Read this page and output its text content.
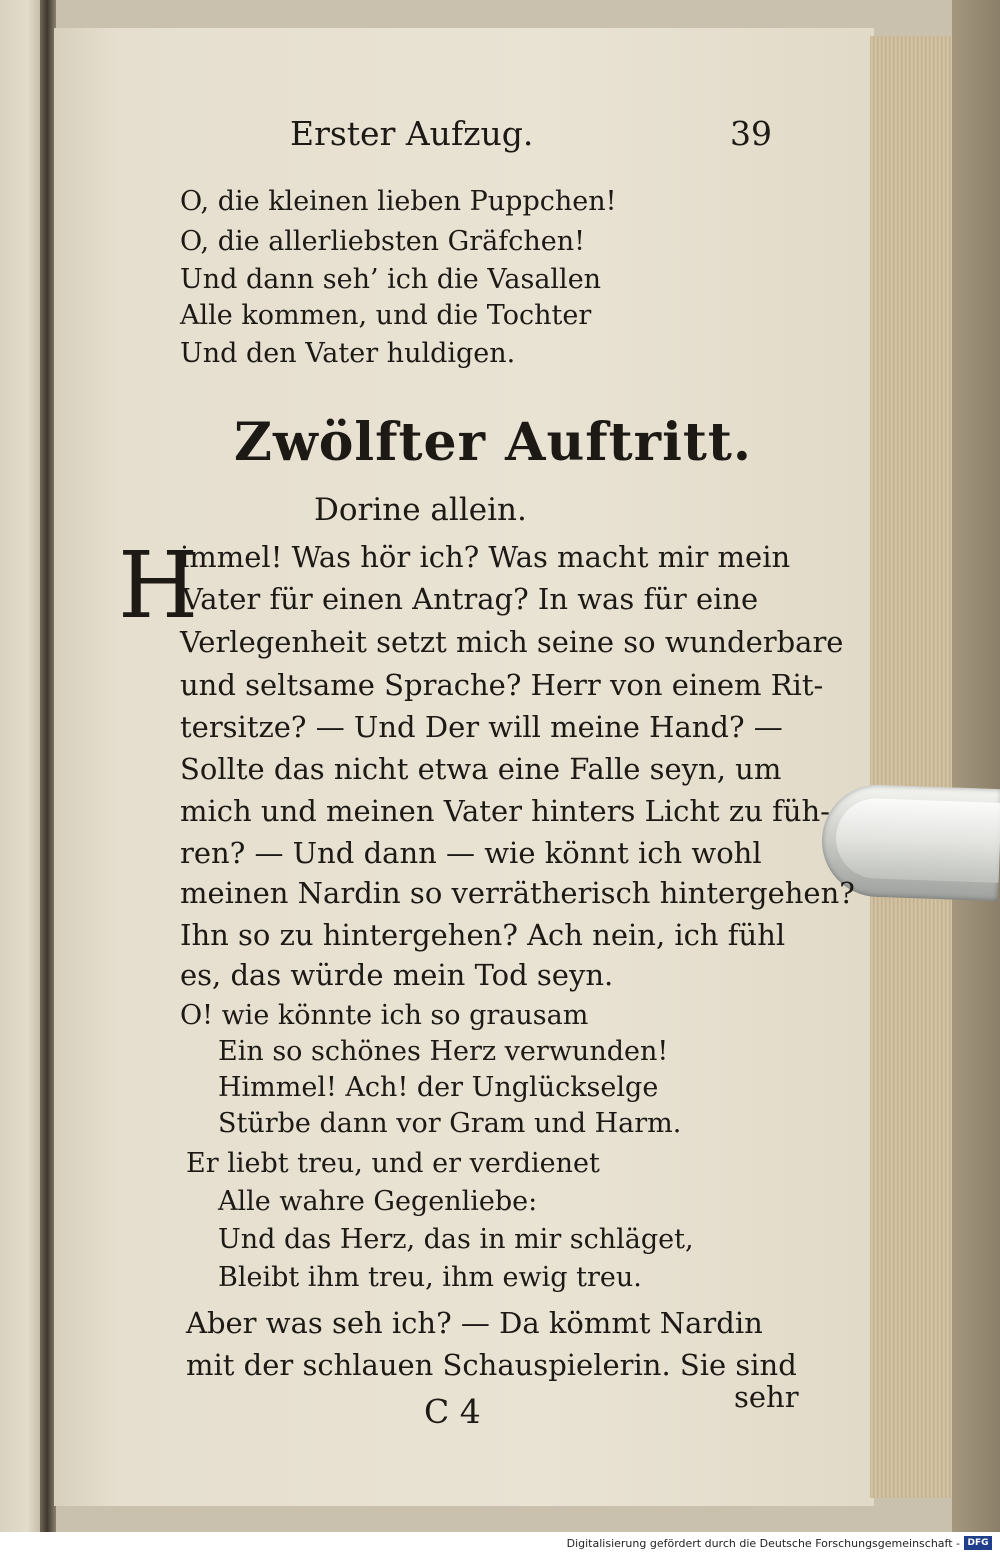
Erster Aufzug.	39
O, die kleinen lieben Puppchen!
O, die allerliebsten Gräfchen!
Und dann seh’ ich die Vasallen
Alle kommen, und die Tochter
Und den Vater huldigen.
Zwölfter Auftritt.
Dorine allein.
H
immel! Was hör ich? Was macht mir mein
Vater für einen Antrag? In was für eine
Verlegenheit setzt mich seine so wunderbare
und seltsame Sprache? Herr von einem Rit-
tersitze? — Und Der will meine Hand? —
Sollte das nicht etwa eine Falle seyn, um
mich und meinen Vater hinters Licht zu füh-
ren? — Und dann — wie könnt ich wohl
meinen Nardin so verrätherisch hintergehen?
Ihn so zu hintergehen? Ach nein, ich fühl
es, das würde mein Tod seyn.
O! wie könnte ich so grausam
Ein so schönes Herz verwunden!
Himmel! Ach! der Unglückselge
Stürbe dann vor Gram und Harm.
Er liebt treu, und er verdienet
Alle wahre Gegenliebe:
Und das Herz, das in mir schläget,
Bleibt ihm treu, ihm ewig treu.
Aber was seh ich? — Da kömmt Nardin
mit der schlauen Schauspielerin. Sie sind
C 4	sehr
Digitalisierung gefördert durch die Deutsche Forschungsgemeinschaft - DFG
